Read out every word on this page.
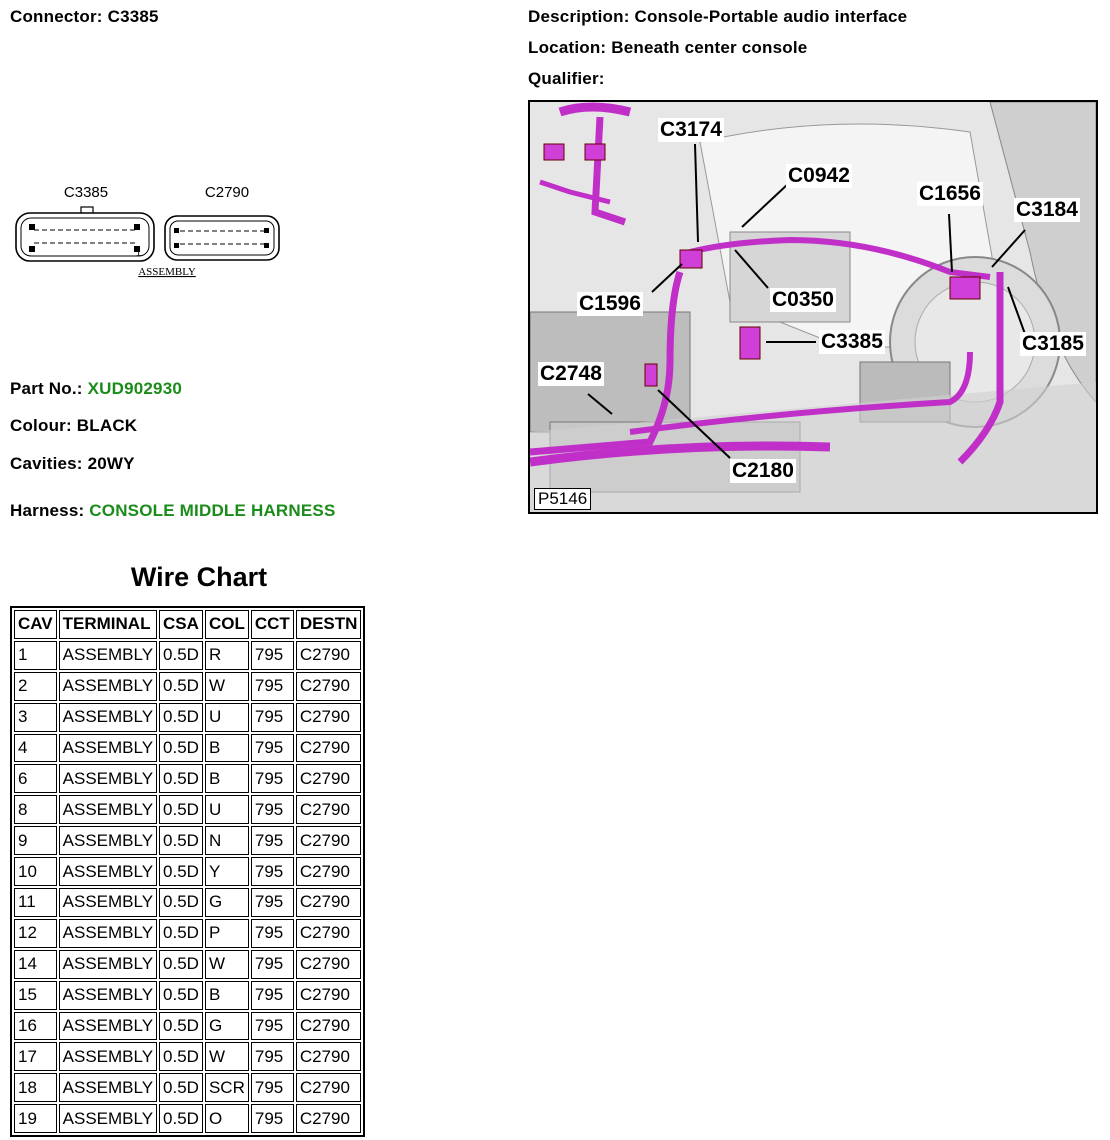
Connector: C3385	Description: Console-Portable audio interface
Location: Beneath center console
Qualifier:
C3385	C2790
1
ASSEMBLY
Part No.: XUD902930
Colour: BLACK
Cavities: 20WY
Harness: CONSOLE MIDDLE HARNESS
C3174
C0942
C1656
C3184
C1596	C0350
C3385	C3185
C2748
C2180
P5146
Wire Chart
CAV	TERMINAL	CSA	COL	CCT	DESTN
1	ASSEMBLY	0.5D	R	795	C2790
2	ASSEMBLY	0.5D	W	795	C2790
3	ASSEMBLY	0.5D	U	795	C2790
4	ASSEMBLY	0.5D	B	795	C2790
6	ASSEMBLY	0.5D	B	795	C2790
8	ASSEMBLY	0.5D	U	795	C2790
9	ASSEMBLY	0.5D	N	795	C2790
10	ASSEMBLY	0.5D	Y	795	C2790
11	ASSEMBLY	0.5D	G	795	C2790
12	ASSEMBLY	0.5D	P	795	C2790
14	ASSEMBLY	0.5D	W	795	C2790
15	ASSEMBLY	0.5D	B	795	C2790
16	ASSEMBLY	0.5D	G	795	C2790
17	ASSEMBLY	0.5D	W	795	C2790
18	ASSEMBLY	0.5D	SCR	795	C2790
19	ASSEMBLY	0.5D	O	795	C2790
